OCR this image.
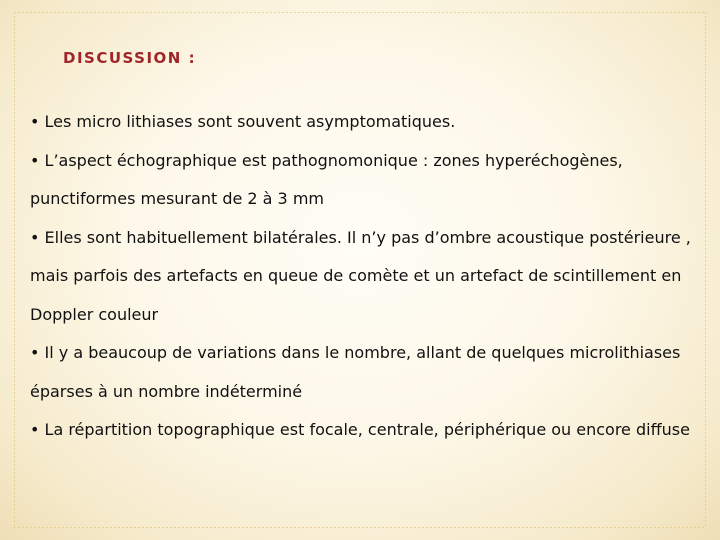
DISCUSSION :

• Les micro lithiases sont souvent asymptomatiques.

• L’aspect échographique est pathognomonique : zones hyperéchogènes, punctiformes mesurant de 2 à 3 mm

• Elles sont habituellement bilatérales. Il n’y pas d’ombre acoustique postérieure , mais parfois des artefacts en queue de comète et un artefact de scintillement en Doppler couleur

• Il y a beaucoup de variations dans le nombre, allant de quelques microlithiases éparses à un nombre indéterminé

• La répartition topographique est focale, centrale, périphérique ou encore diffuse
